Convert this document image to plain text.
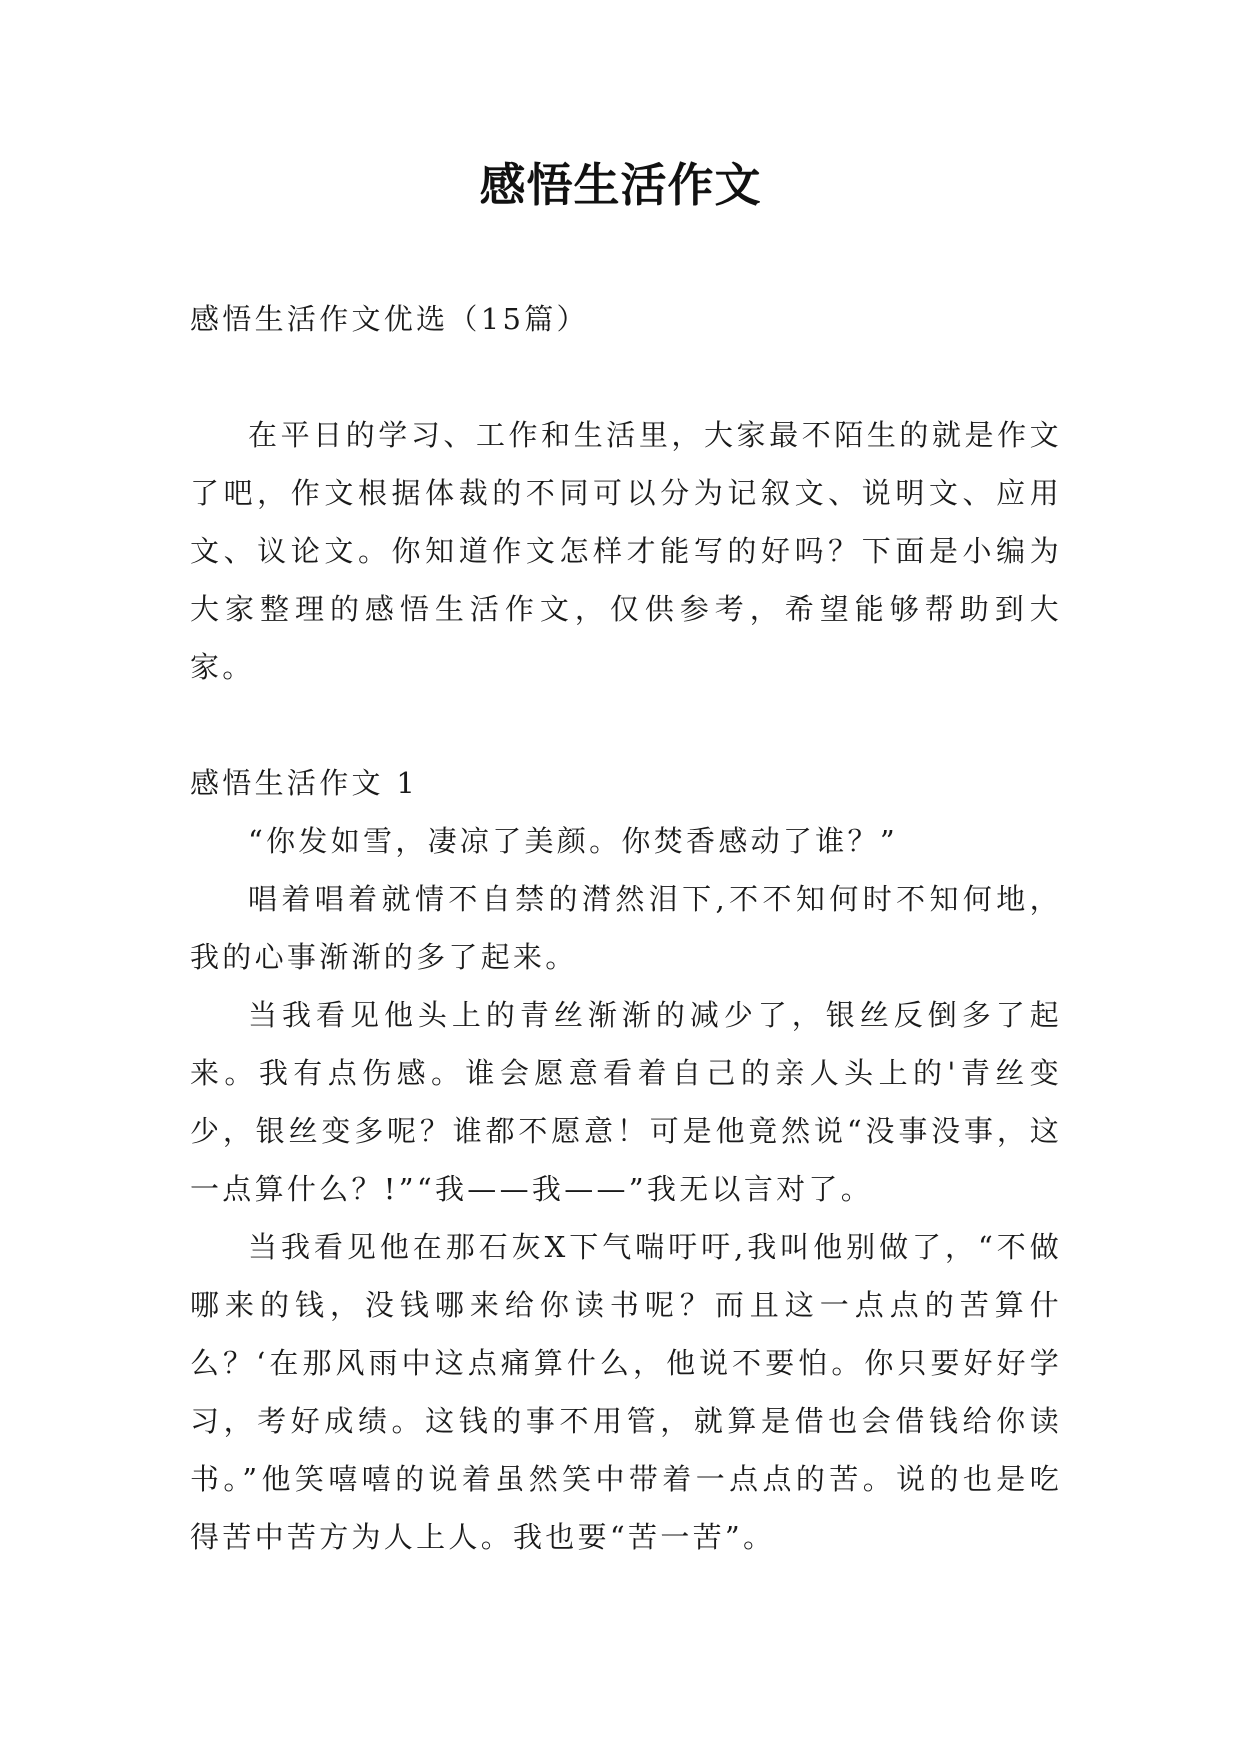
感悟生活作文

感悟生活作文优选（15篇）

在平日的学习、工作和生活里，大家最不陌生的就是作文了吧，作文根据体裁的不同可以分为记叙文、说明文、应用文、议论文。你知道作文怎样才能写的好吗？下面是小编为大家整理的感悟生活作文，仅供参考，希望能够帮助到大家。

感悟生活作文 1

“你发如雪，凄凉了美颜。你焚香感动了谁？”

唱着唱着就情不自禁的潸然泪下,不不知何时不知何地，我的心事渐渐的多了起来。

当我看见他头上的青丝渐渐的减少了，银丝反倒多了起来。我有点伤感。谁会愿意看着自己的亲人头上的'青丝变少，银丝变多呢？谁都不愿意！可是他竟然说“没事没事，这一点算什么？!”“我——我——”我无以言对了。

当我看见他在那石灰X下气喘吁吁,我叫他别做了，“不做哪来的钱，没钱哪来给你读书呢？而且这一点点的苦算什么？‘在那风雨中这点痛算什么，他说不要怕。你只要好好学习，考好成绩。这钱的事不用管，就算是借也会借钱给你读书。”他笑嘻嘻的说着虽然笑中带着一点点的苦。说的也是吃得苦中苦方为人上人。我也要“苦一苦”。
